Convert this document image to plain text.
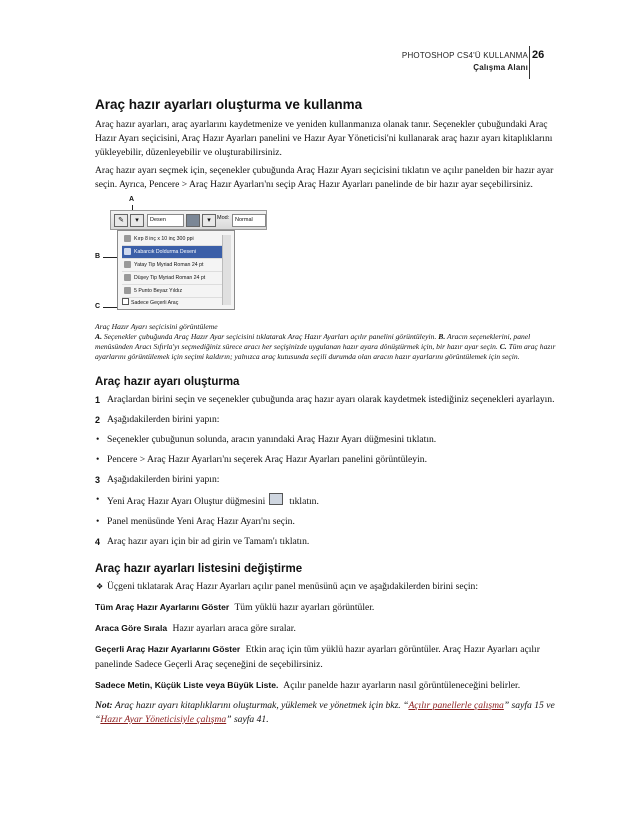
PHOTOSHOP CS4'Ü KULLANMA
Çalışma Alanı
26
Araç hazır ayarları oluşturma ve kullanma

Araç hazır ayarları, araç ayarlarını kaydetmenize ve yeniden kullanmanıza olanak tanır. Seçenekler çubuğundaki Araç Hazır Ayarı seçicisini, Araç Hazır Ayarları panelini ve Hazır Ayar Yöneticisi'ni kullanarak araç hazır ayarı kitaplıklarını yükleyebilir, düzenleyebilir ve oluşturabilirsiniz.

Araç hazır ayarı seçmek için, seçenekler çubuğunda Araç Hazır Ayarı seçicisini tıklatın ve açılır panelden bir hazır ayar seçin. Ayrıca, Pencere > Araç Hazır Ayarları'nı seçip Araç Hazır Ayarları panelinde de bir hazır ayar seçebilirsiniz.

A
B
C
✎	▾	Desen	▾	Mod:	Normal
Kırp 8 inç x 10 inç 300 ppi
Kabarcık Doldurma Deseni
Yatay Tip Myriad Roman 24 pt
Düşey Tip Myriad Roman 24 pt
5 Punto Beyaz Yıldız
Sadece Geçerli Araç

Araç Hazır Ayarı seçicisini görüntüleme

A. Seçenekler çubuğunda Araç Hazır Ayar seçicisini tıklatarak Araç Hazır Ayarları açılır panelini görüntüleyin. B. Aracın seçeneklerini, panel menüsünden Aracı Sıfırla'yı seçmediğiniz sürece aracı her seçişinizde uygulanan hazır ayara dönüştürmek için, bir hazır ayar seçin. C. Tüm araç hazır ayarlarını görüntülemek için seçimi kaldırın; yalnızca araç kutusunda seçili durumda olan aracın hazır ayarlarını görüntülemek için seçin.

Araç hazır ayarı oluşturma
1 Araçlardan birini seçin ve seçenekler çubuğunda araç hazır ayarı olarak kaydetmek istediğiniz seçenekleri ayarlayın.
2 Aşağıdakilerden birini yapın:
• Seçenekler çubuğunun solunda, aracın yanındaki Araç Hazır Ayarı düğmesini tıklatın.
• Pencere > Araç Hazır Ayarları'nı seçerek Araç Hazır Ayarları panelini görüntüleyin.
3 Aşağıdakilerden birini yapın:
• Yeni Araç Hazır Ayarı Oluştur düğmesini	tıklatın.
• Panel menüsünde Yeni Araç Hazır Ayarı'nı seçin.
4 Araç hazır ayarı için bir ad girin ve Tamam'ı tıklatın.
Araç hazır ayarları listesini değiştirme
❖ Üçgeni tıklatarak Araç Hazır Ayarları açılır panel menüsünü açın ve aşağıdakilerden birini seçin:

Tüm Araç Hazır Ayarlarını Göster Tüm yüklü hazır ayarları görüntüler.

Araca Göre Sırala Hazır ayarları araca göre sıralar.

Geçerli Araç Hazır Ayarlarını Göster Etkin araç için tüm yüklü hazır ayarları görüntüler. Araç Hazır Ayarları açılır panelinde Sadece Geçerli Araç seçeneğini de seçebilirsiniz.

Sadece Metin, Küçük Liste veya Büyük Liste. Açılır panelde hazır ayarların nasıl görüntüleneceğini belirler.

Not: Araç hazır ayarı kitaplıklarını oluşturmak, yüklemek ve yönetmek için bkz. “Açılır panellerle çalışma” sayfa 15 ve “Hazır Ayar Yöneticisiyle çalışma” sayfa 41.
